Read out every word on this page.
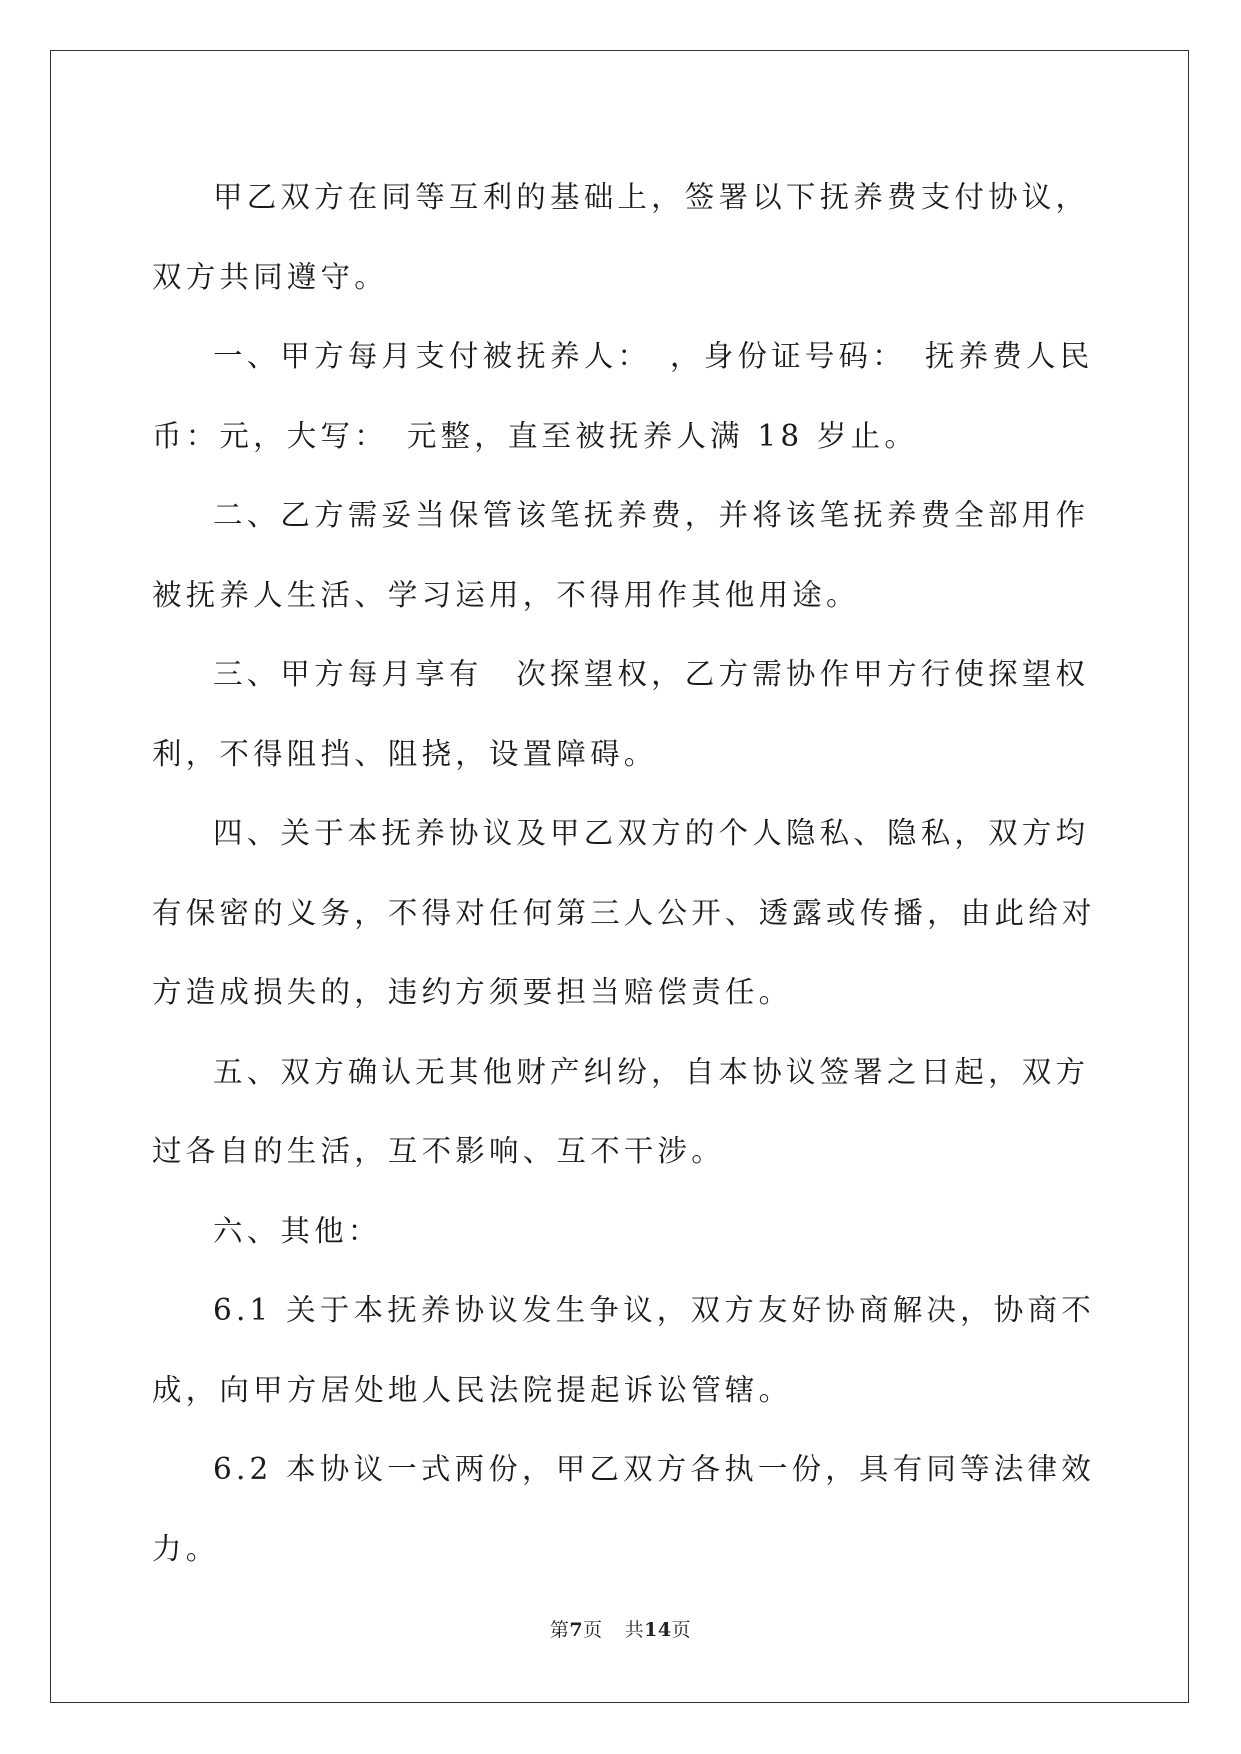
甲乙双方在同等互利的基础上，签署以下抚养费支付协议，双方共同遵守。

一、甲方每月支付被抚养人：　，身份证号码：　抚养费人民币：元，大写：　元整，直至被抚养人满 18 岁止。

二、乙方需妥当保管该笔抚养费，并将该笔抚养费全部用作被抚养人生活、学习运用，不得用作其他用途。

三、甲方每月享有　次探望权，乙方需协作甲方行使探望权利，不得阻挡、阻挠，设置障碍。

四、关于本抚养协议及甲乙双方的个人隐私、隐私，双方均有保密的义务，不得对任何第三人公开、透露或传播，由此给对方造成损失的，违约方须要担当赔偿责任。

五、双方确认无其他财产纠纷，自本协议签署之日起，双方过各自的生活，互不影响、互不干涉。

六、其他：

6.1 关于本抚养协议发生争议，双方友好协商解决，协商不成，向甲方居处地人民法院提起诉讼管辖。

6.2 本协议一式两份，甲乙双方各执一份，具有同等法律效力。

第7页 共14页
